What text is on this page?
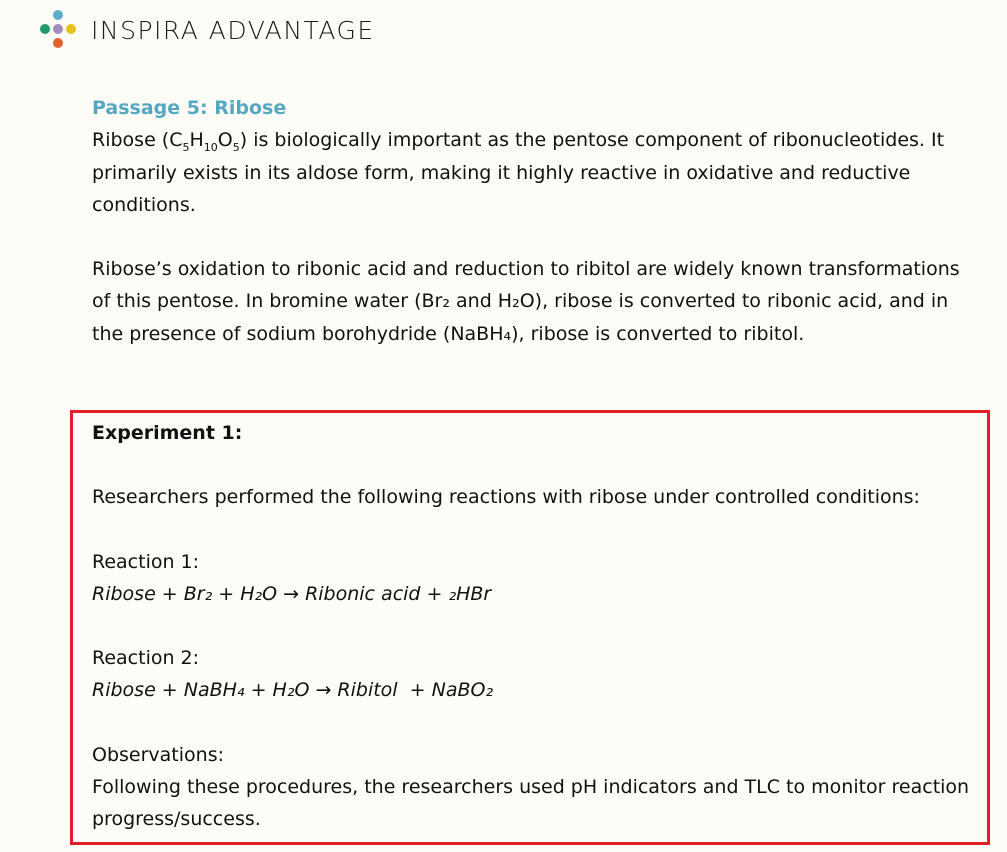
INSPIRA ADVANTAGE
Passage 5: Ribose

Ribose $(C_5H_{10}O_5)$ is biologically important as the pentose component of ribonucleotides. It primarily exists in its aldose form, making it highly reactive in oxidative and reductive conditions.

Ribose’s oxidation to ribonic acid and reduction to ribitol are widely known transformations of this pentose. In bromine water (Br₂ and H₂O), ribose is converted to ribonic acid, and in the presence of sodium borohydride (NaBH₄), ribose is converted to ribitol.

Experiment 1:

Researchers performed the following reactions with ribose under controlled conditions:

Reaction 1:

Ribose + Br₂ + H₂O → Ribonic acid + ₂HBr

Reaction 2:

Ribose + NaBH₄ + H₂O → Ribitol  + NaBO₂

Observations:

Following these procedures, the researchers used pH indicators and TLC to monitor reaction progress/success.
